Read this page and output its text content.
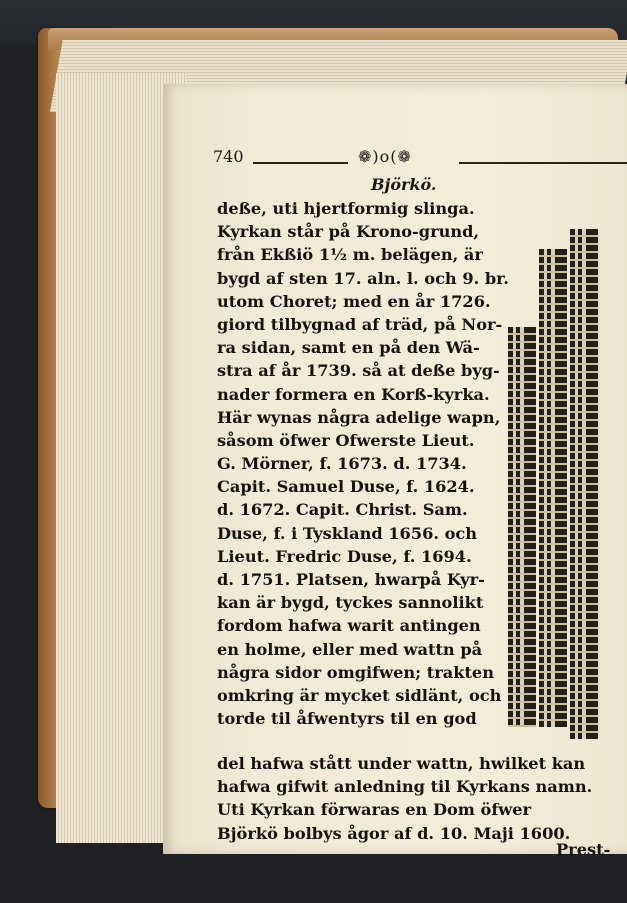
740	❁)o(❁
Björkö.
deße, uti hjertformig slinga.
Kyrkan står på Krono-grund,
från Ekßiö 1½ m. belägen, är
bygd af sten 17. aln. l. och 9. br.
utom Choret; med en år 1726.
giord tilbygnad af träd, på Nor-
ra sidan, samt en på den Wä-
stra af år 1739. så at deße byg-
nader formera en Korß-kyrka.
Här wynas några adelige wapn,
såsom öfwer Ofwerste Lieut.
G. Mörner, f. 1673. d. 1734.
Capit. Samuel Duse, f. 1624.
d. 1672. Capit. Christ. Sam.
Duse, f. i Tyskland 1656. och
Lieut. Fredric Duse, f. 1694.
d. 1751. Platsen, hwarpå Kyr-
kan är bygd, tyckes sannolikt
fordom hafwa warit antingen
en holme, eller med wattn på
några sidor omgifwen; trakten
omkring är mycket sidlänt, och
torde til åfwentyrs til en god
del hafwa stått under wattn, hwilket kan
hafwa gifwit anledning til Kyrkans namn.
Uti Kyrkan förwaras en Dom öfwer
Björkö bolbys ågor af d. 10. Maji 1600.
Prest-
